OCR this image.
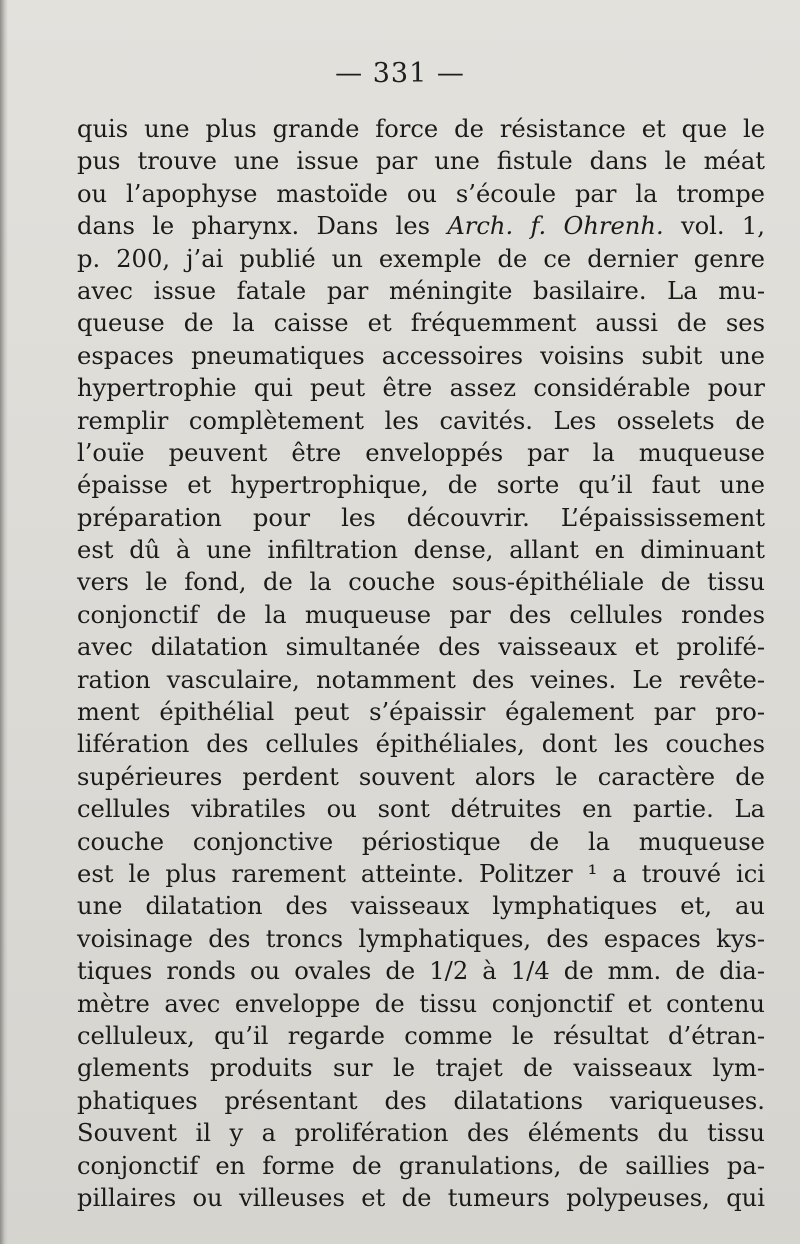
— 331 —
quis une plus grande force de résistance et que le
pus trouve une issue par une fistule dans le méat
ou l’apophyse mastoïde ou s’écoule par la trompe
dans le pharynx. Dans les Arch. f. Ohrenh. vol. 1,
p. 200, j’ai publié un exemple de ce dernier genre
avec issue fatale par méningite basilaire. La mu-
queuse de la caisse et fréquemment aussi de ses
espaces pneumatiques accessoires voisins subit une
hypertrophie qui peut être assez considérable pour
remplir complètement les cavités. Les osselets de
l’ouïe peuvent être enveloppés par la muqueuse
épaisse et hypertrophique, de sorte qu’il faut une
préparation pour les découvrir. L’épaississement
est dû à une infiltration dense, allant en diminuant
vers le fond, de la couche sous-épithéliale de tissu
conjonctif de la muqueuse par des cellules rondes
avec dilatation simultanée des vaisseaux et prolifé-
ration vasculaire, notamment des veines. Le revête-
ment épithélial peut s’épaissir également par pro-
lifération des cellules épithéliales, dont les couches
supérieures perdent souvent alors le caractère de
cellules vibratiles ou sont détruites en partie. La
couche conjonctive périostique de la muqueuse
est le plus rarement atteinte. Politzer ¹ a trouvé ici
une dilatation des vaisseaux lymphatiques et, au
voisinage des troncs lymphatiques, des espaces kys-
tiques ronds ou ovales de 1/2 à 1/4 de mm. de dia-
mètre avec enveloppe de tissu conjonctif et contenu
celluleux, qu’il regarde comme le résultat d’étran-
glements produits sur le trajet de vaisseaux lym-
phatiques présentant des dilatations variqueuses.
Souvent il y a prolifération des éléments du tissu
conjonctif en forme de granulations, de saillies pa-
pillaires ou villeuses et de tumeurs polypeuses, qui
